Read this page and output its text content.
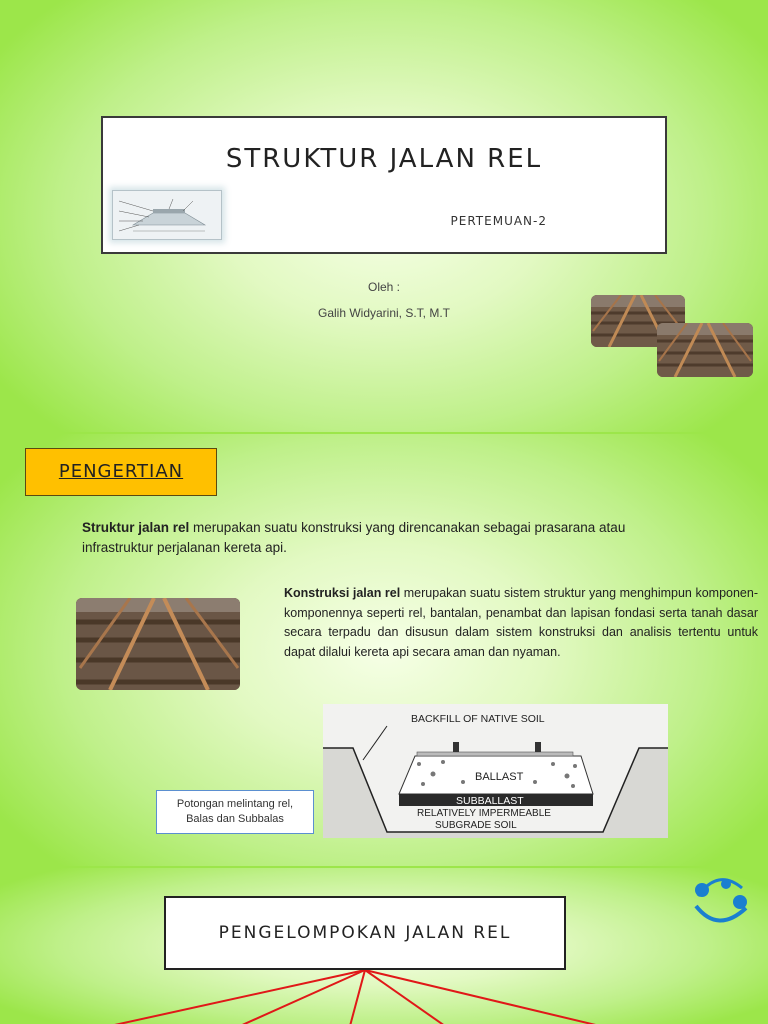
STRUKTUR JALAN REL
PERTEMUAN-2
Oleh :
Galih Widyarini, S.T, M.T
PENGERTIAN
Struktur jalan rel merupakan suatu konstruksi yang direncanakan sebagai prasarana atau infrastruktur perjalanan kereta api.
Konstruksi jalan rel merupakan suatu sistem struktur yang menghimpun komponen-komponennya seperti rel, bantalan, penambat dan lapisan fondasi serta tanah dasar secara terpadu dan disusun dalam sistem konstruksi dan analisis tertentu untuk dapat dilalui kereta api secara aman dan nyaman.
BACKFILL OF NATIVE SOIL
BALLAST
SUBBALLAST
RELATIVELY IMPERMEABLE
SUBGRADE SOIL
Potongan melintang rel,
Balas dan Subbalas
PENGELOMPOKAN JALAN REL
